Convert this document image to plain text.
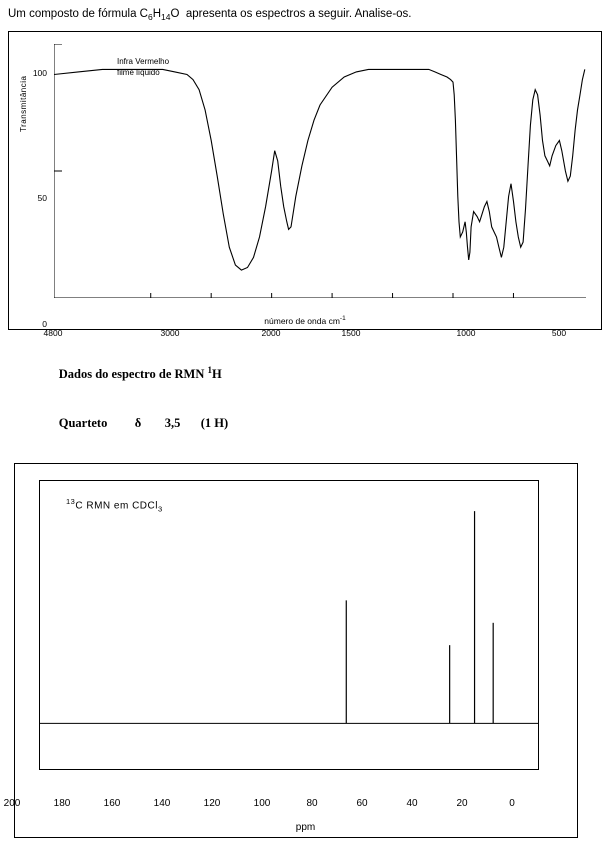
Um composto de fórmula $C_6H_{14}O$ apresenta os espectros a seguir. Analise-os.
Transmitância
100
50
0
4800	3000	2000	1500	1000	500
número de onda $cm^{-1}$
Infra Vermelho
filme líquido

Dados do espectro de RMN $^1$H

Quarteto δ 3,5 (1 H)

$^{13}$C RMN em CDCl$_3$
200	180	160	140	120	100	80	60	40	20	0
ppm
